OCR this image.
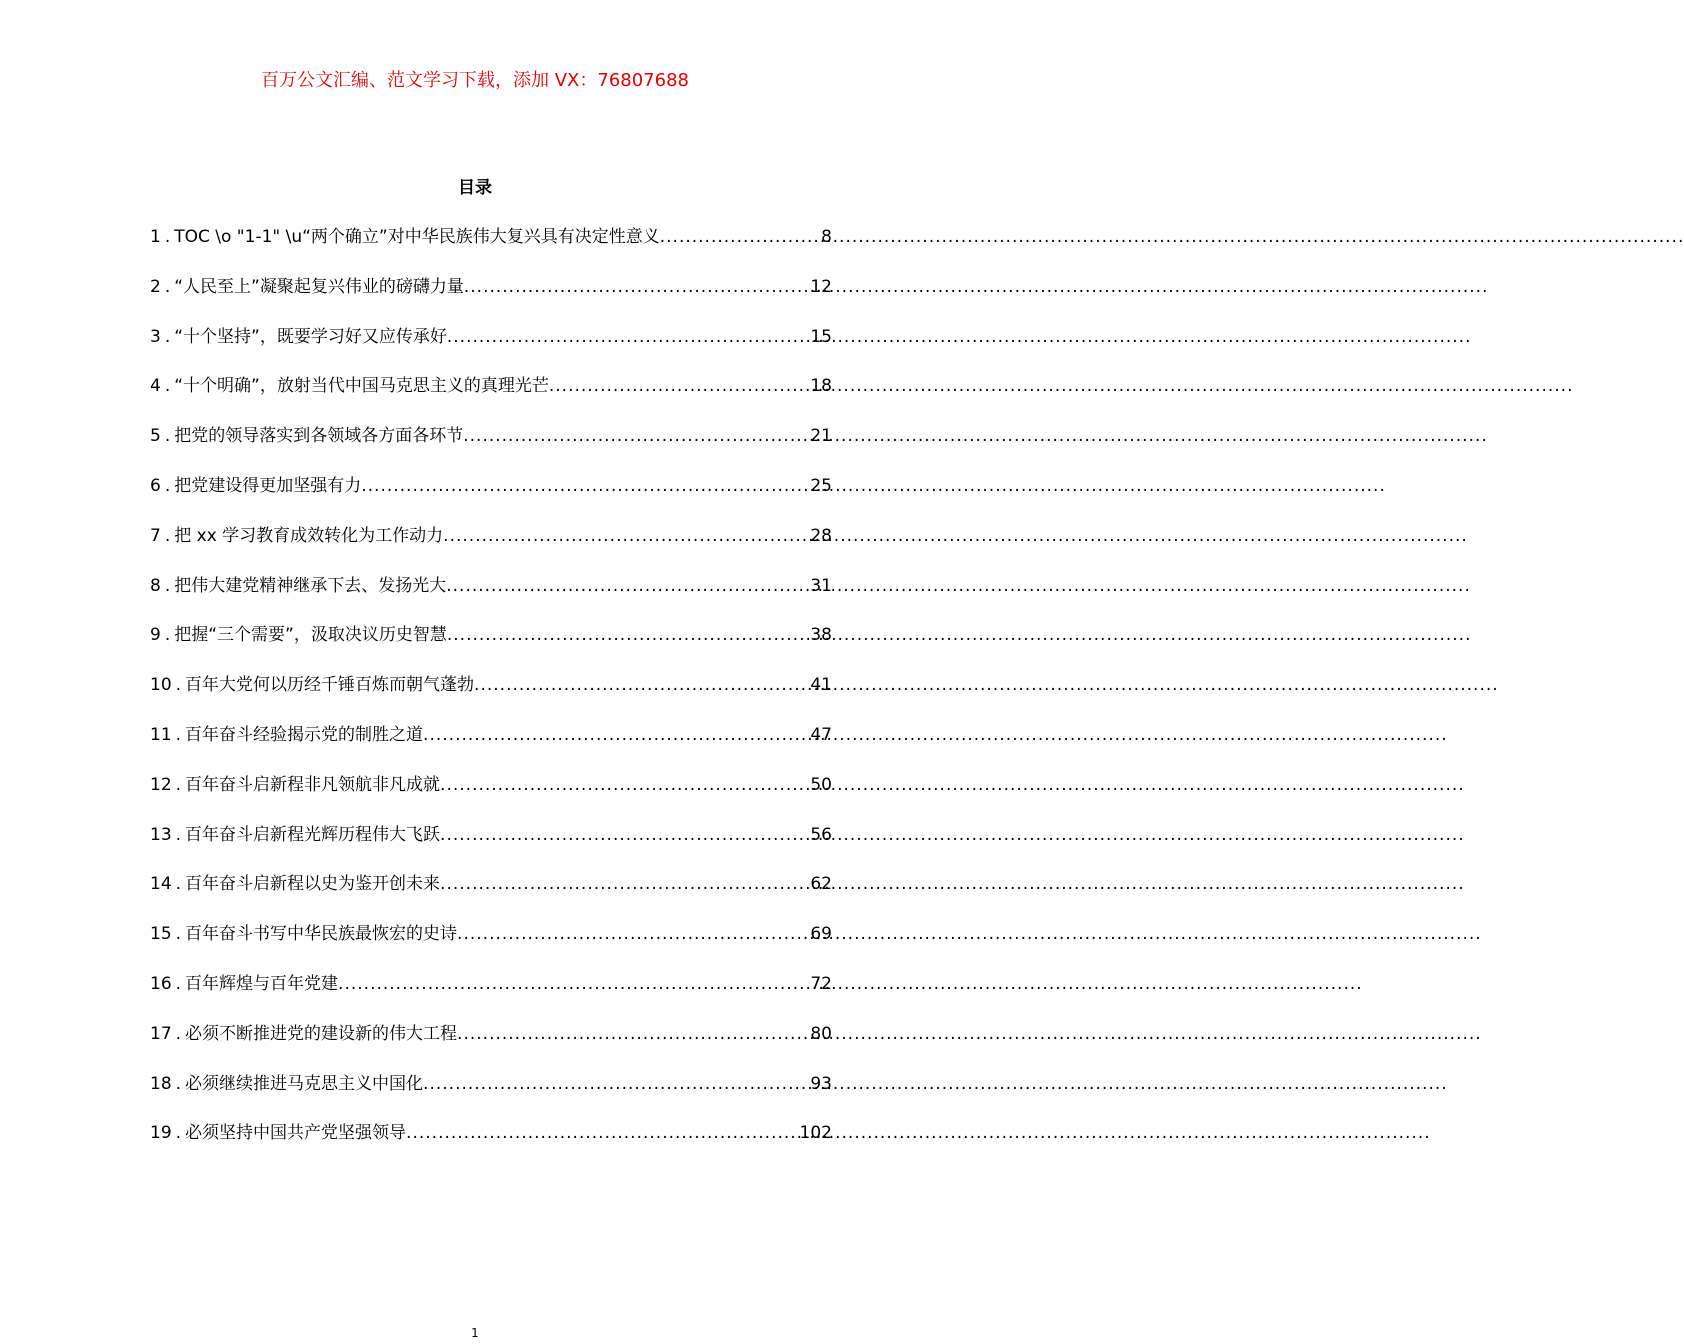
百万公文汇编、范文学习下载，添加 VX：76807688
目录
1 . TOC \o "1-1" \u“两个确立”对中华民族伟大复兴具有决定性意义 .....	8
2 . “人民至上”凝聚起复兴伟业的磅礴力量 .....	12
3 . “十个坚持”，既要学习好又应传承好 .....	15
4 . “十个明确”，放射当代中国马克思主义的真理光芒 .....	18
5 . 把党的领导落实到各领域各方面各环节 .....	21
6 . 把党建设得更加坚强有力 .....	25
7 . 把 xx 学习教育成效转化为工作动力 .....	28
8 . 把伟大建党精神继承下去、发扬光大 .....	31
9 . 把握“三个需要”，汲取决议历史智慧 .....	38
10 . 百年大党何以历经千锤百炼而朝气蓬勃 .....	41
11 . 百年奋斗经验揭示党的制胜之道 .....	47
12 . 百年奋斗启新程非凡领航非凡成就 .....	50
13 . 百年奋斗启新程光辉历程伟大飞跃 .....	56
14 . 百年奋斗启新程以史为鉴开创未来 .....	62
15 . 百年奋斗书写中华民族最恢宏的史诗 .....	69
16 . 百年辉煌与百年党建 .....	72
17 . 必须不断推进党的建设新的伟大工程 .....	80
18 . 必须继续推进马克思主义中国化 .....	93
19 . 必须坚持中国共产党坚强领导 .....	102
1
